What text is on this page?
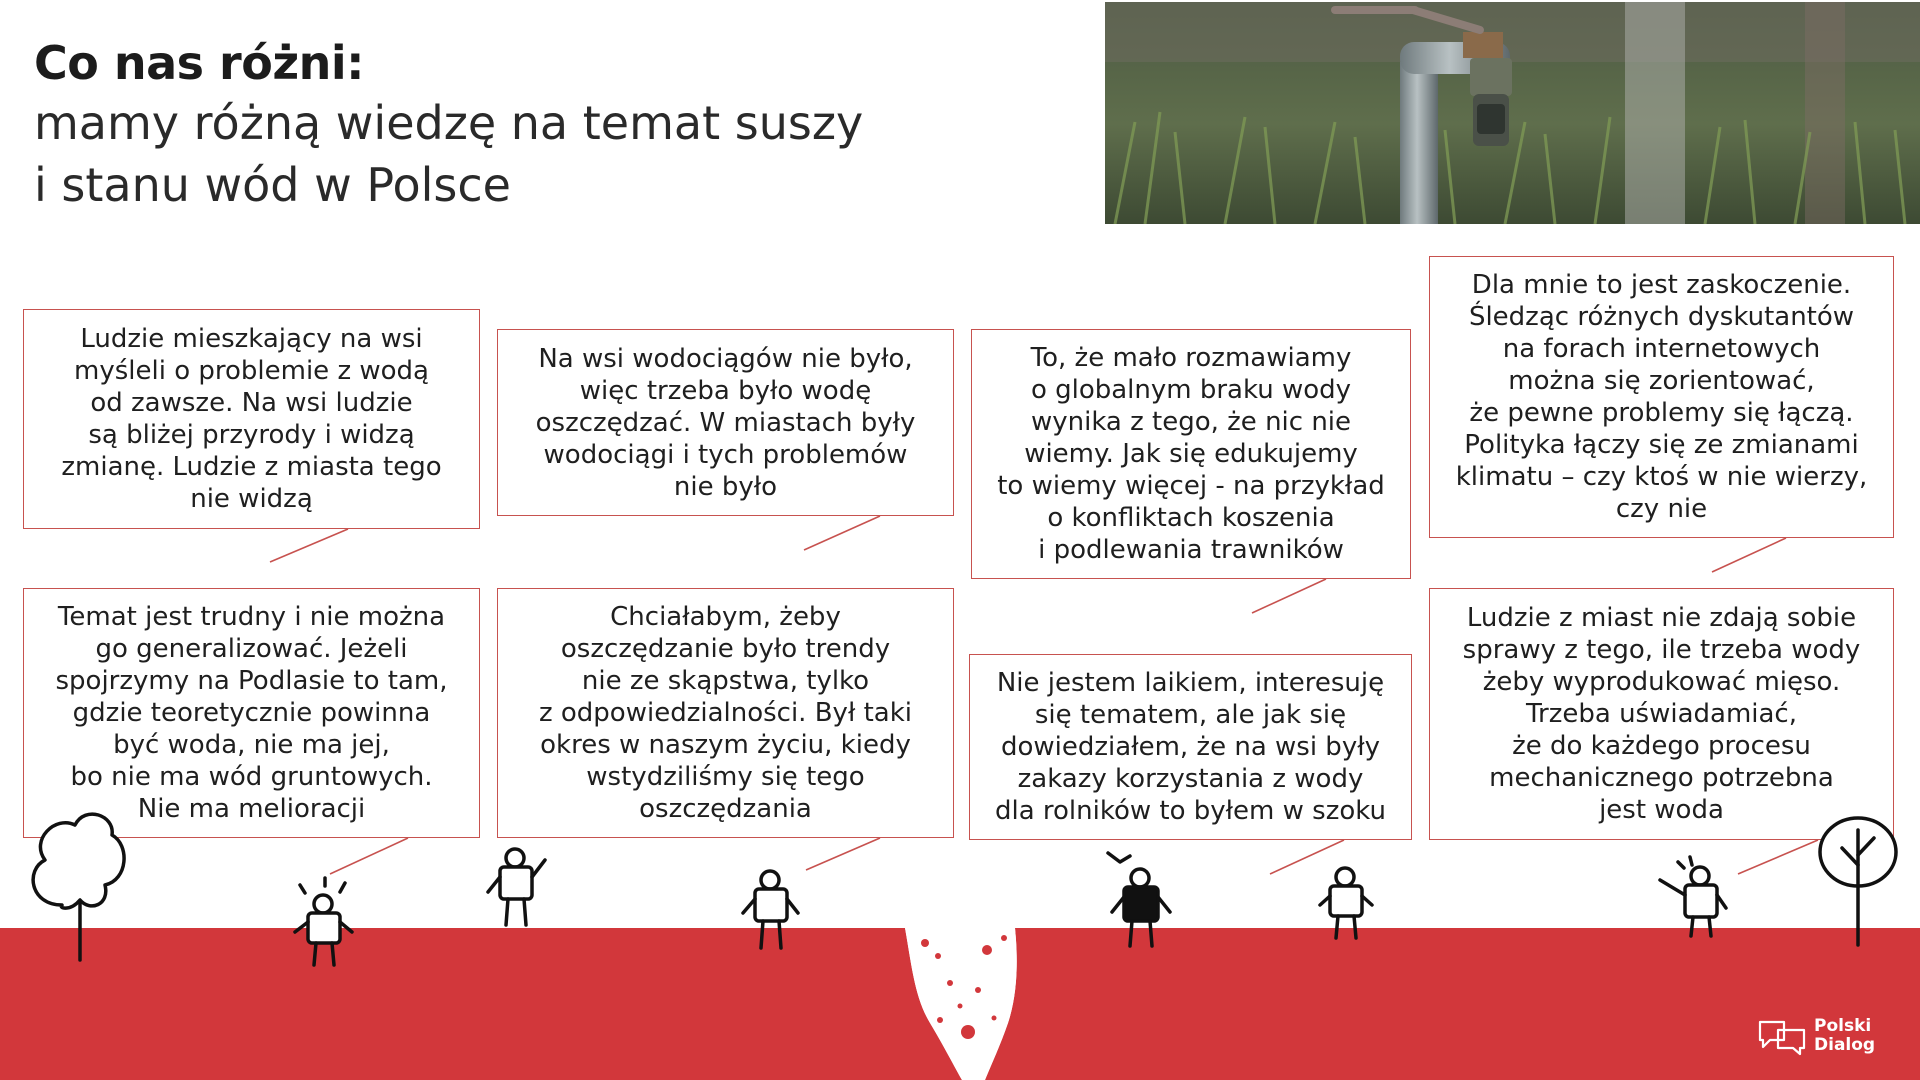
Co nas różni:
mamy różną wiedzę na temat suszy
i stanu wód w Polsce
Ludzie mieszkający na wsi
myśleli o problemie z wodą
od zawsze. Na wsi ludzie
są bliżej przyrody i widzą
zmianę. Ludzie z miasta tego
nie widzą
Na wsi wodociągów nie było,
więc trzeba było wodę
oszczędzać. W miastach były
wodociągi i tych problemów
nie było
To, że mało rozmawiamy
o globalnym braku wody
wynika z tego, że nic nie
wiemy. Jak się edukujemy
to wiemy więcej - na przykład
o konfliktach koszenia
i podlewania trawników
Dla mnie to jest zaskoczenie.
Śledząc różnych dyskutantów
na forach internetowych
można się zorientować,
że pewne problemy się łączą.
Polityka łączy się ze zmianami
klimatu – czy ktoś w nie wierzy,
czy nie
Temat jest trudny i nie można
go generalizować. Jeżeli
spojrzymy na Podlasie to tam,
gdzie teoretycznie powinna
być woda, nie ma jej,
bo nie ma wód gruntowych.
Nie ma melioracji
Chciałabym, żeby
oszczędzanie było trendy
nie ze skąpstwa, tylko
z odpowiedzialności. Był taki
okres w naszym życiu, kiedy
wstydziliśmy się tego
oszczędzania
Nie jestem laikiem, interesuję
się tematem, ale jak się
dowiedziałem, że na wsi były
zakazy korzystania z wody
dla rolników to byłem w szoku
Ludzie z miast nie zdają sobie
sprawy z tego, ile trzeba wody
żeby wyprodukować mięso.
Trzeba uświadamiać,
że do każdego procesu
mechanicznego potrzebna
jest woda
Polski
Dialog
